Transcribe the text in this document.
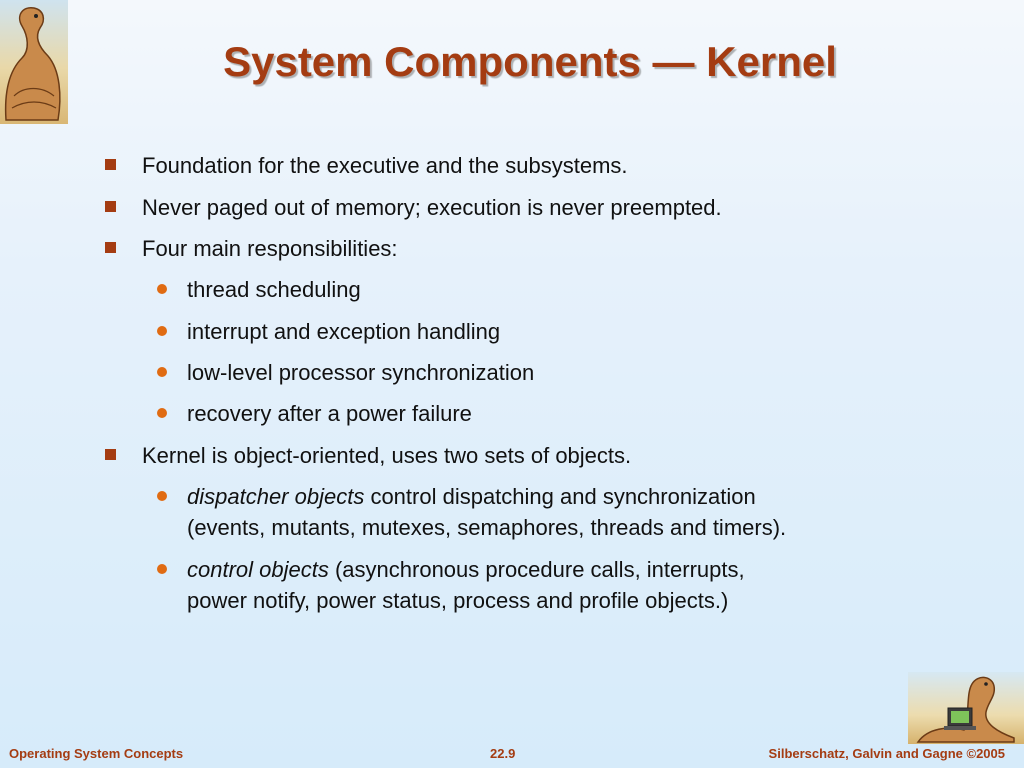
System Components — Kernel
Foundation for the executive and the subsystems.
Never paged out of memory; execution is never preempted.
Four main responsibilities:
thread scheduling
interrupt and exception handling
low-level processor synchronization
recovery after a power failure
Kernel is object-oriented, uses two sets of objects.
dispatcher objects control dispatching and synchronization
(events, mutants, mutexes, semaphores, threads and timers).
control objects (asynchronous procedure calls, interrupts,
power notify, power status, process and profile objects.)
Operating System Concepts	22.9	Silberschatz, Galvin and Gagne ©2005
